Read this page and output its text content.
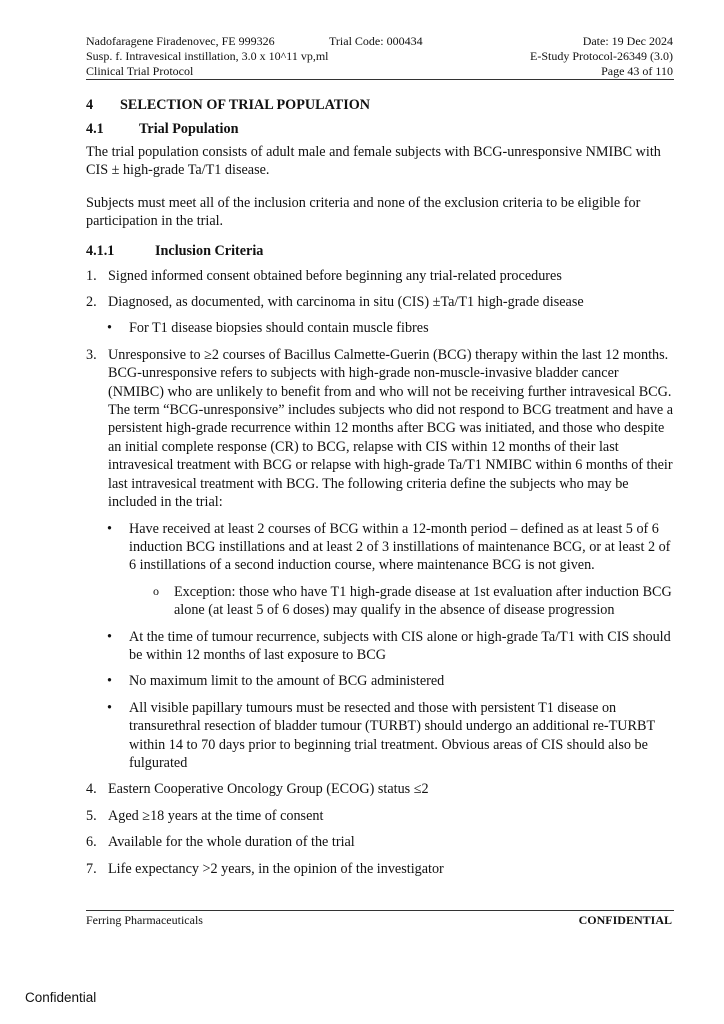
Nadofaragene Firadenovec, FE 999326	Trial Code: 000434	Date: 19 Dec 2024
Susp. f. Intravesical instillation, 3.0 x 10^11 vp,ml	E-Study Protocol-26349 (3.0)
Clinical Trial Protocol	Page 43 of 110
4 SELECTION OF TRIAL POPULATION
4.1 Trial Population

The trial population consists of adult male and female subjects with BCG-unresponsive NMIBC with CIS ± high-grade Ta/T1 disease.

Subjects must meet all of the inclusion criteria and none of the exclusion criteria to be eligible for participation in the trial.

4.1.1	Inclusion Criteria
1. Signed informed consent obtained before beginning any trial-related procedures
2. Diagnosed, as documented, with carcinoma in situ (CIS) ±Ta/T1 high-grade disease
• For T1 disease biopsies should contain muscle fibres
3. Unresponsive to ≥2 courses of Bacillus Calmette-Guerin (BCG) therapy within the last 12 months. BCG-unresponsive refers to subjects with high-grade non-muscle-invasive bladder cancer (NMIBC) who are unlikely to benefit from and who will not be receiving further intravesical BCG. The term “BCG-unresponsive” includes subjects who did not respond to BCG treatment and have a persistent high-grade recurrence within 12 months after BCG was initiated, and those who despite an initial complete response (CR) to BCG, relapse with CIS within 12 months of their last intravesical treatment with BCG or relapse with high-grade Ta/T1 NMIBC within 6 months of their last intravesical treatment with BCG. The following criteria define the subjects who may be included in the trial:
• Have received at least 2 courses of BCG within a 12-month period – defined as at least 5 of 6 induction BCG instillations and at least 2 of 3 instillations of maintenance BCG, or at least 2 of 6 instillations of a second induction course, where maintenance BCG is not given.
o Exception: those who have T1 high-grade disease at 1st evaluation after induction BCG alone (at least 5 of 6 doses) may qualify in the absence of disease progression
• At the time of tumour recurrence, subjects with CIS alone or high-grade Ta/T1 with CIS should be within 12 months of last exposure to BCG
• No maximum limit to the amount of BCG administered
• All visible papillary tumours must be resected and those with persistent T1 disease on transurethral resection of bladder tumour (TURBT) should undergo an additional re-TURBT within 14 to 70 days prior to beginning trial treatment. Obvious areas of CIS should also be fulgurated
4. Eastern Cooperative Oncology Group (ECOG) status ≤2
5. Aged ≥18 years at the time of consent
6. Available for the whole duration of the trial
7. Life expectancy >2 years, in the opinion of the investigator
Ferring Pharmaceuticals	CONFIDENTIAL
Confidential
